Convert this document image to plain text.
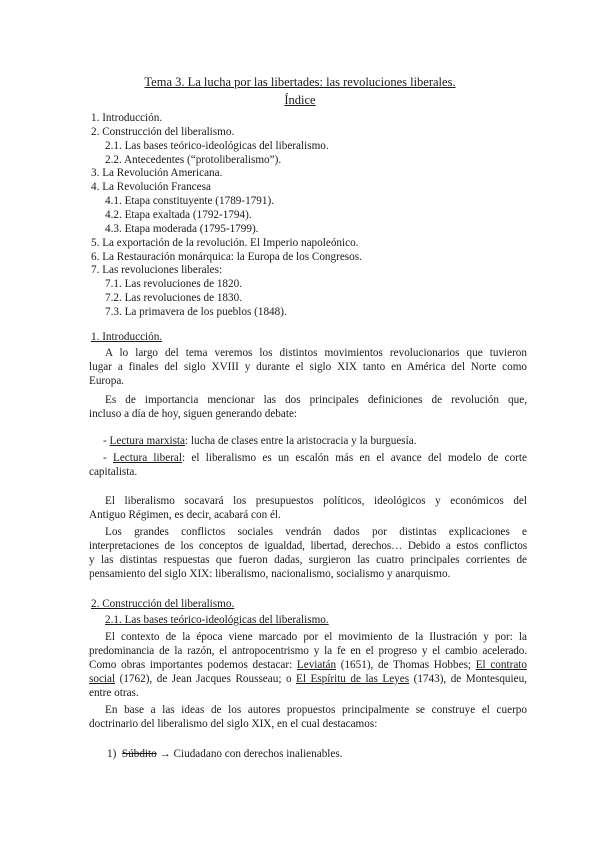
Tema 3. La lucha por las libertades: las revoluciones liberales.
Índice
1. Introducción.
2. Construcción del liberalismo.
2.1. Las bases teórico-ideológicas del liberalismo.
2.2. Antecedentes (“protoliberalismo”).
3. La Revolución Americana.
4. La Revolución Francesa
4.1. Etapa constituyente (1789-1791).
4.2. Etapa exaltada (1792-1794).
4.3. Etapa moderada (1795-1799).
5. La exportación de la revolución. El Imperio napoleónico.
6. La Restauración monárquica: la Europa de los Congresos.
7. Las revoluciones liberales:
7.1. Las revoluciones de 1820.
7.2. Las revoluciones de 1830.
7.3. La primavera de los pueblos (1848).
1. Introducción.
A lo largo del tema veremos los distintos movimientos revolucionarios que tuvieron
lugar a finales del siglo XVIII y durante el siglo XIX tanto en América del Norte como
Europa.
Es de importancia mencionar las dos principales definiciones de revolución que,
incluso a día de hoy, siguen generando debate:
- Lectura marxista: lucha de clases entre la aristocracia y la burguesía.
- Lectura liberal: el liberalismo es un escalón más en el avance del modelo de corte
capitalista.
El liberalismo socavará los presupuestos políticos, ideológicos y económicos del
Antiguo Régimen, es decir, acabará con él.
Los grandes conflictos sociales vendrán dados por distintas explicaciones e
interpretaciones de los conceptos de igualdad, libertad, derechos… Debido a estos conflictos
y las distintas respuestas que fueron dadas, surgieron las cuatro principales corrientes de
pensamiento del siglo XIX: liberalismo, nacionalismo, socialismo y anarquismo.
2. Construcción del liberalismo.
2.1. Las bases teórico-ideológicas del liberalismo.
El contexto de la época viene marcado por el movimiento de la Ilustración y por: la
predominancia de la razón, el antropocentrismo y la fe en el progreso y el cambio acelerado.
Como obras importantes podemos destacar: Leviatán (1651), de Thomas Hobbes; El contrato
social (1762), de Jean Jacques Rousseau; o El Espíritu de las Leyes (1743), de Montesquieu,
entre otras.
En base a las ideas de los autores propuestos principalmente se construye el cuerpo
doctrinario del liberalismo del siglo XIX, en el cual destacamos:
1) Súbdito → Ciudadano con derechos inalienables.
